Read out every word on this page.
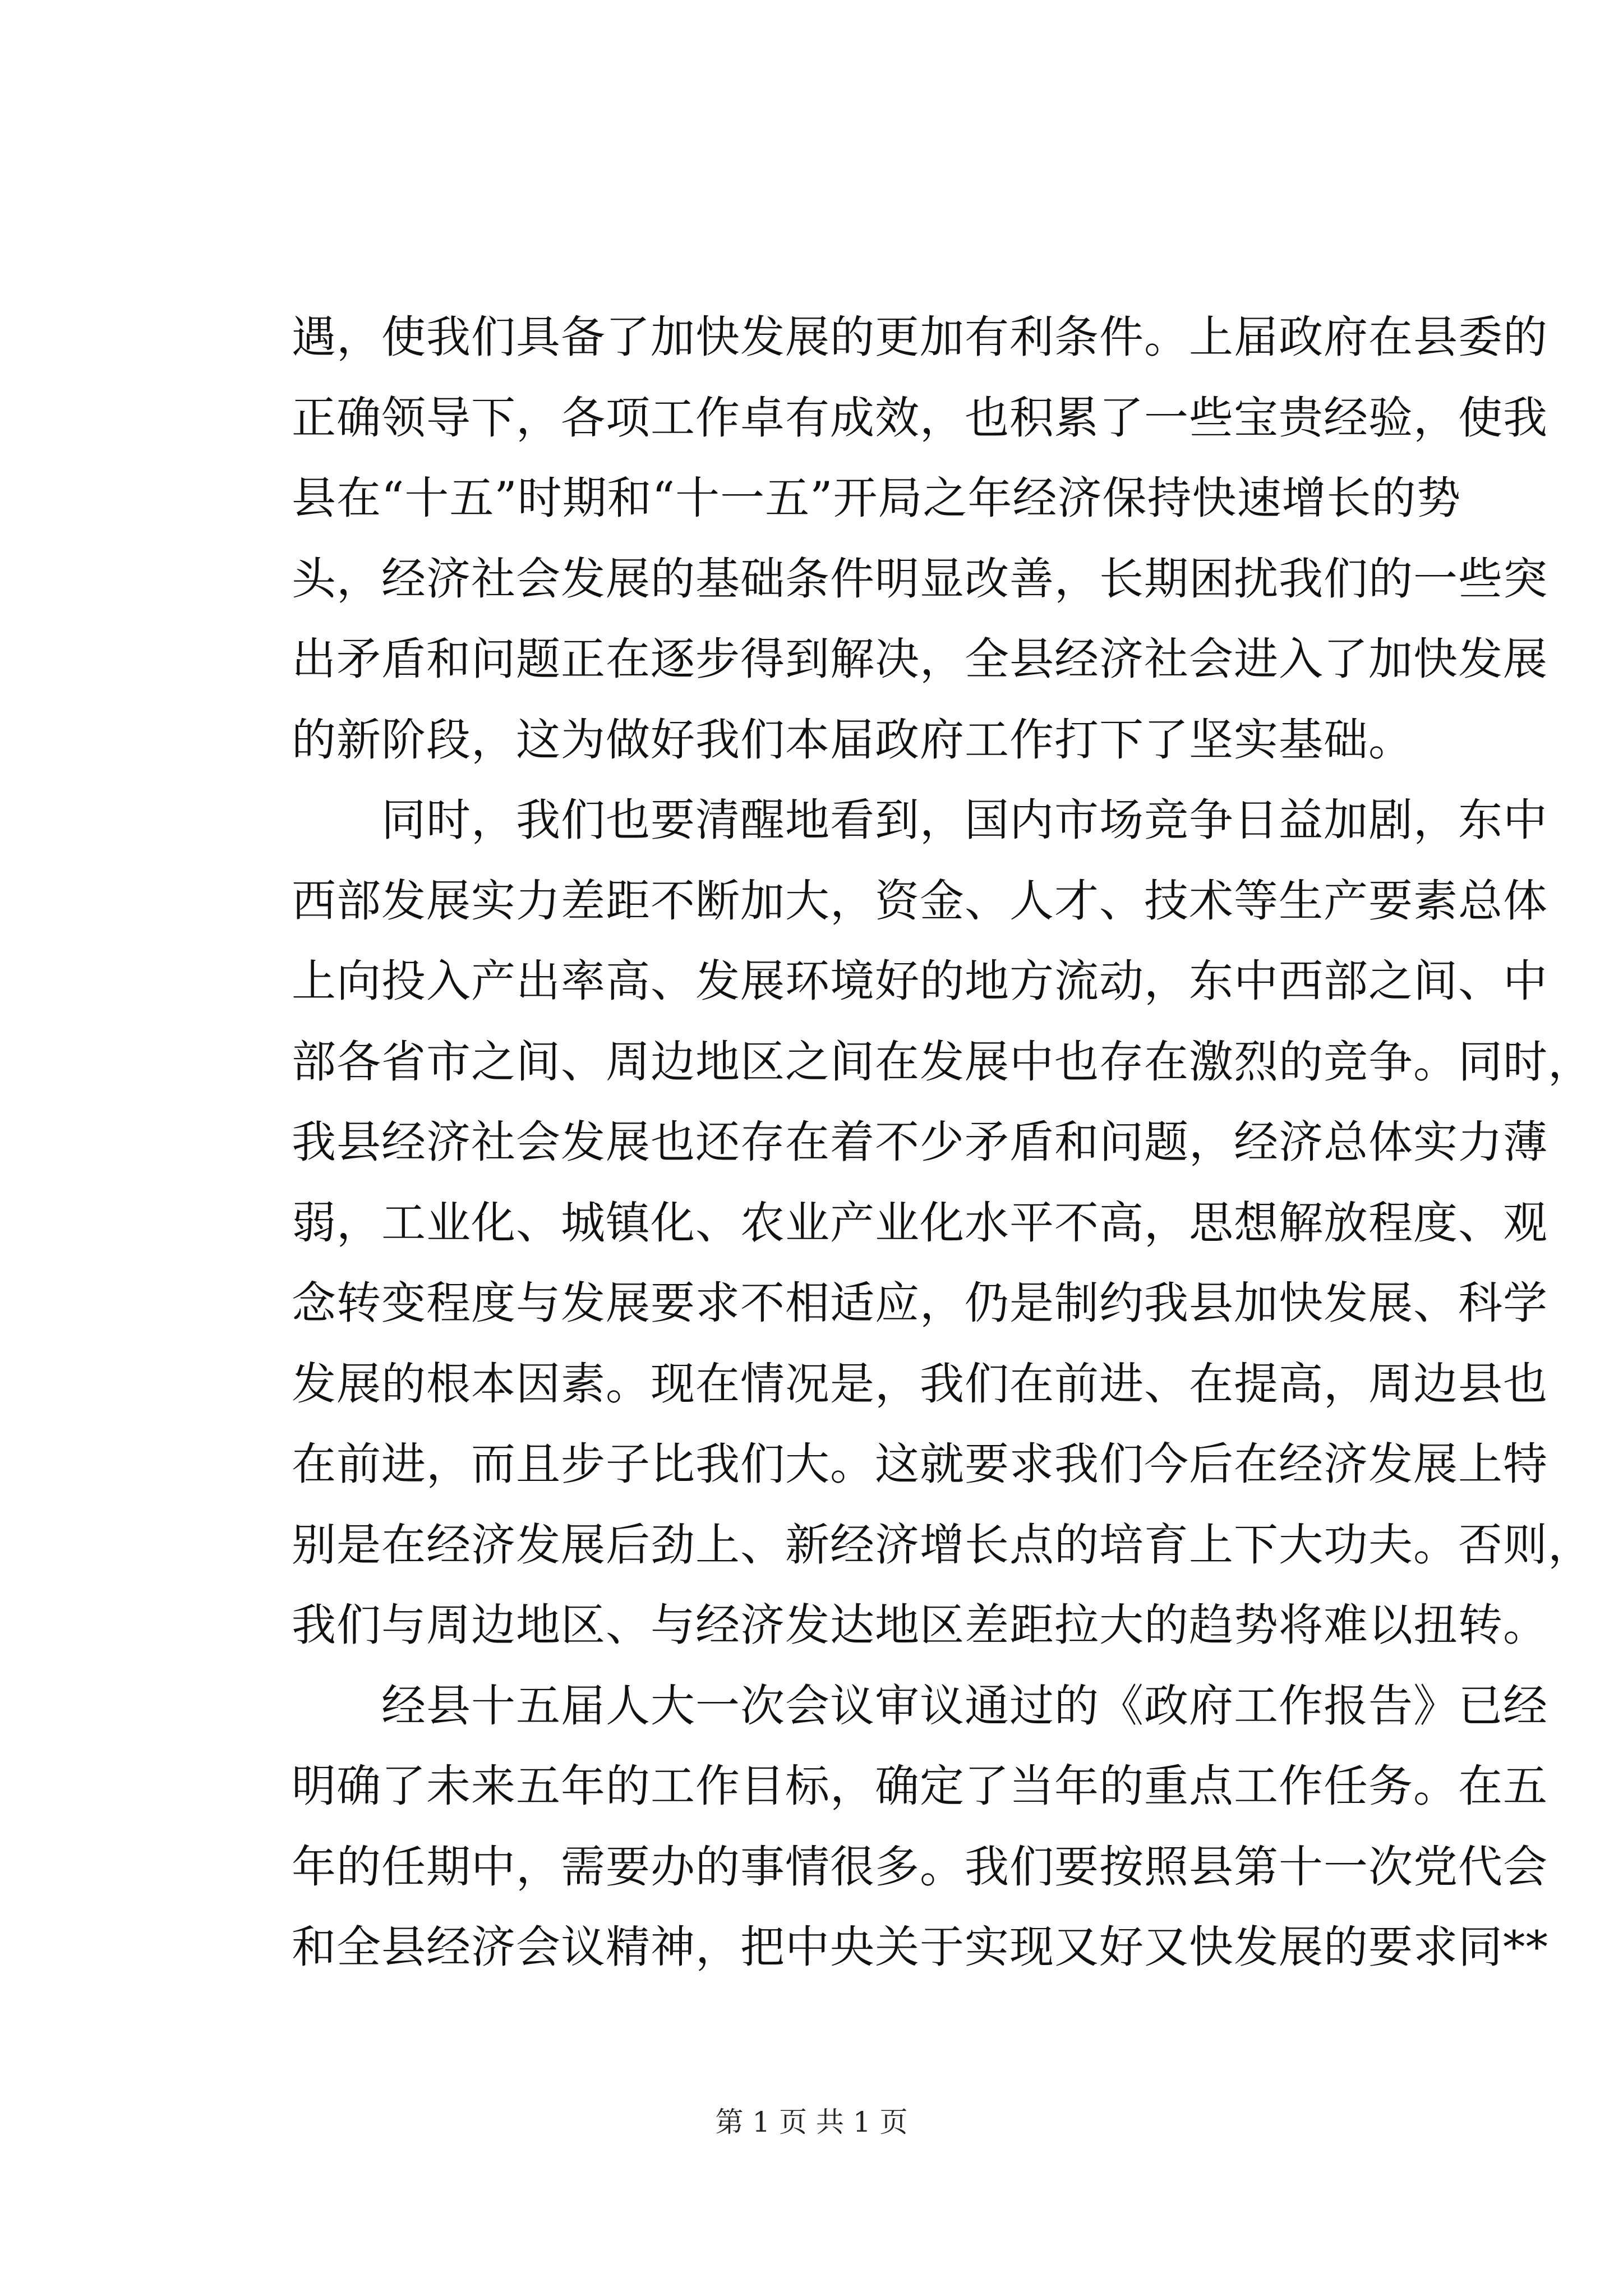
遇，使我们具备了加快发展的更加有利条件。上届政府在县委的
正确领导下，各项工作卓有成效，也积累了一些宝贵经验，使我
县在“十五”时期和“十一五”开局之年经济保持快速增长的势
头，经济社会发展的基础条件明显改善，长期困扰我们的一些突
出矛盾和问题正在逐步得到解决，全县经济社会进入了加快发展
的新阶段，这为做好我们本届政府工作打下了坚实基础。
同时，我们也要清醒地看到，国内市场竞争日益加剧，东中
西部发展实力差距不断加大，资金、人才、技术等生产要素总体
上向投入产出率高、发展环境好的地方流动，东中西部之间、中
部各省市之间、周边地区之间在发展中也存在激烈的竞争。同时，
我县经济社会发展也还存在着不少矛盾和问题，经济总体实力薄
弱，工业化、城镇化、农业产业化水平不高，思想解放程度、观
念转变程度与发展要求不相适应，仍是制约我县加快发展、科学
发展的根本因素。现在情况是，我们在前进、在提高，周边县也
在前进，而且步子比我们大。这就要求我们今后在经济发展上特
别是在经济发展后劲上、新经济增长点的培育上下大功夫。否则，
我们与周边地区、与经济发达地区差距拉大的趋势将难以扭转。
经县十五届人大一次会议审议通过的《政府工作报告》已经
明确了未来五年的工作目标，确定了当年的重点工作任务。在五
年的任期中，需要办的事情很多。我们要按照县第十一次党代会
和全县经济会议精神，把中央关于实现又好又快发展的要求同**
第 1 页 共 1 页
